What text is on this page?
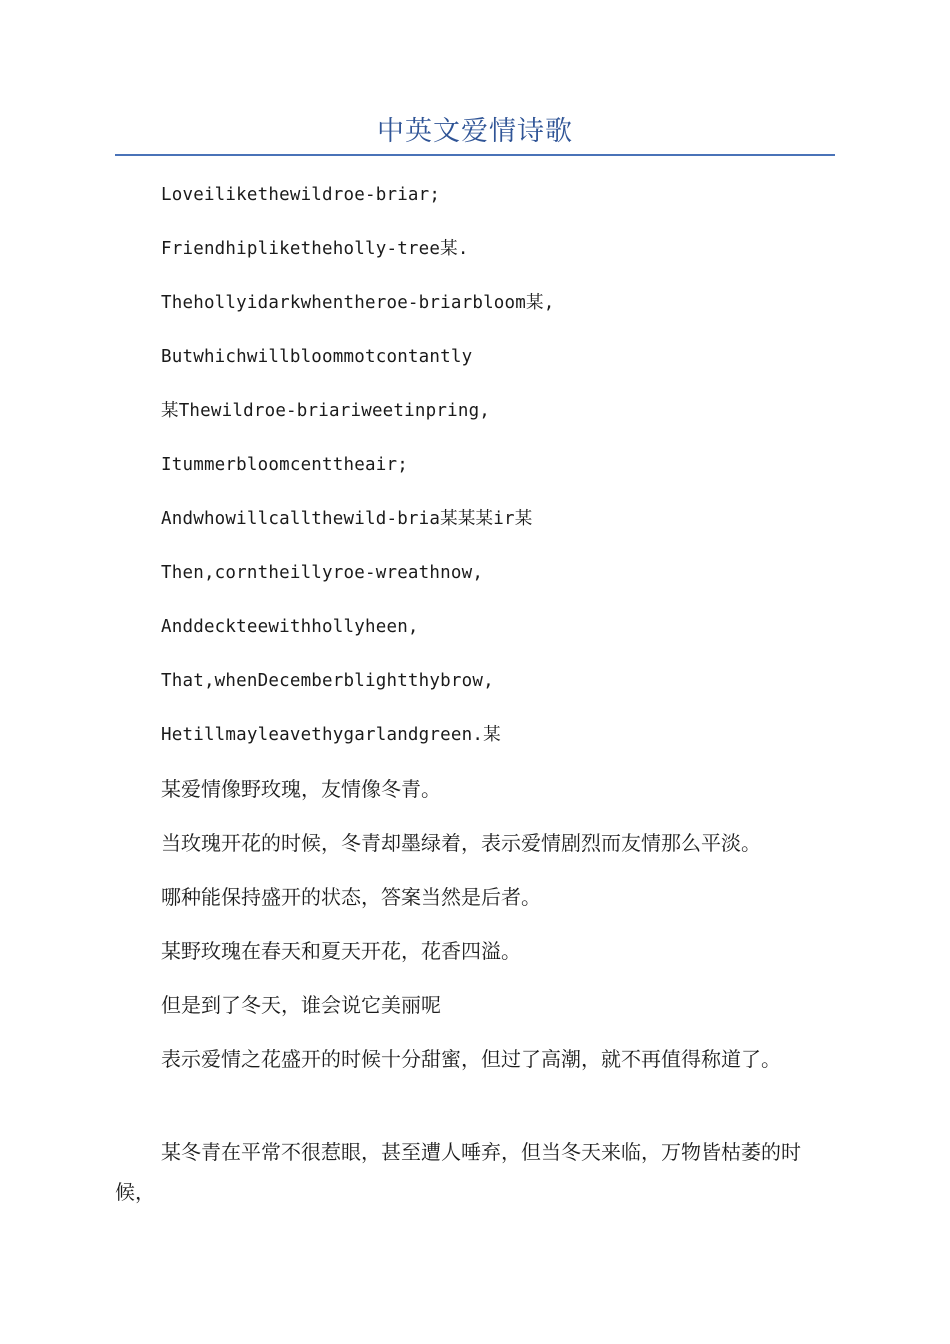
中英文爱情诗歌
Loveilikethewildroe-briar;
Friendhipliketheholly-tree某.
Thehollyidarkwhentheroe-briarbloom某,
Butwhichwillbloommotcontantly
某Thewildroe-briariweetinpring,
Itummerbloomcenttheair;
Andwhowillcallthewild-bria某某某ir某
Then,corntheillyroe-wreathnow,
Anddeckteewithhollyheen,
That,whenDecemberblightthybrow,
Hetillmayleavethygarlandgreen.某
某爱情像野玫瑰，友情像冬青。
当玫瑰开花的时候，冬青却墨绿着，表示爱情剧烈而友情那么平淡。
哪种能保持盛开的状态，答案当然是后者。
某野玫瑰在春天和夏天开花，花香四溢。
但是到了冬天，谁会说它美丽呢
表示爱情之花盛开的时候十分甜蜜，但过了高潮，就不再值得称道了。
某冬青在平常不很惹眼，甚至遭人唾弃，但当冬天来临，万物皆枯萎的时候，
